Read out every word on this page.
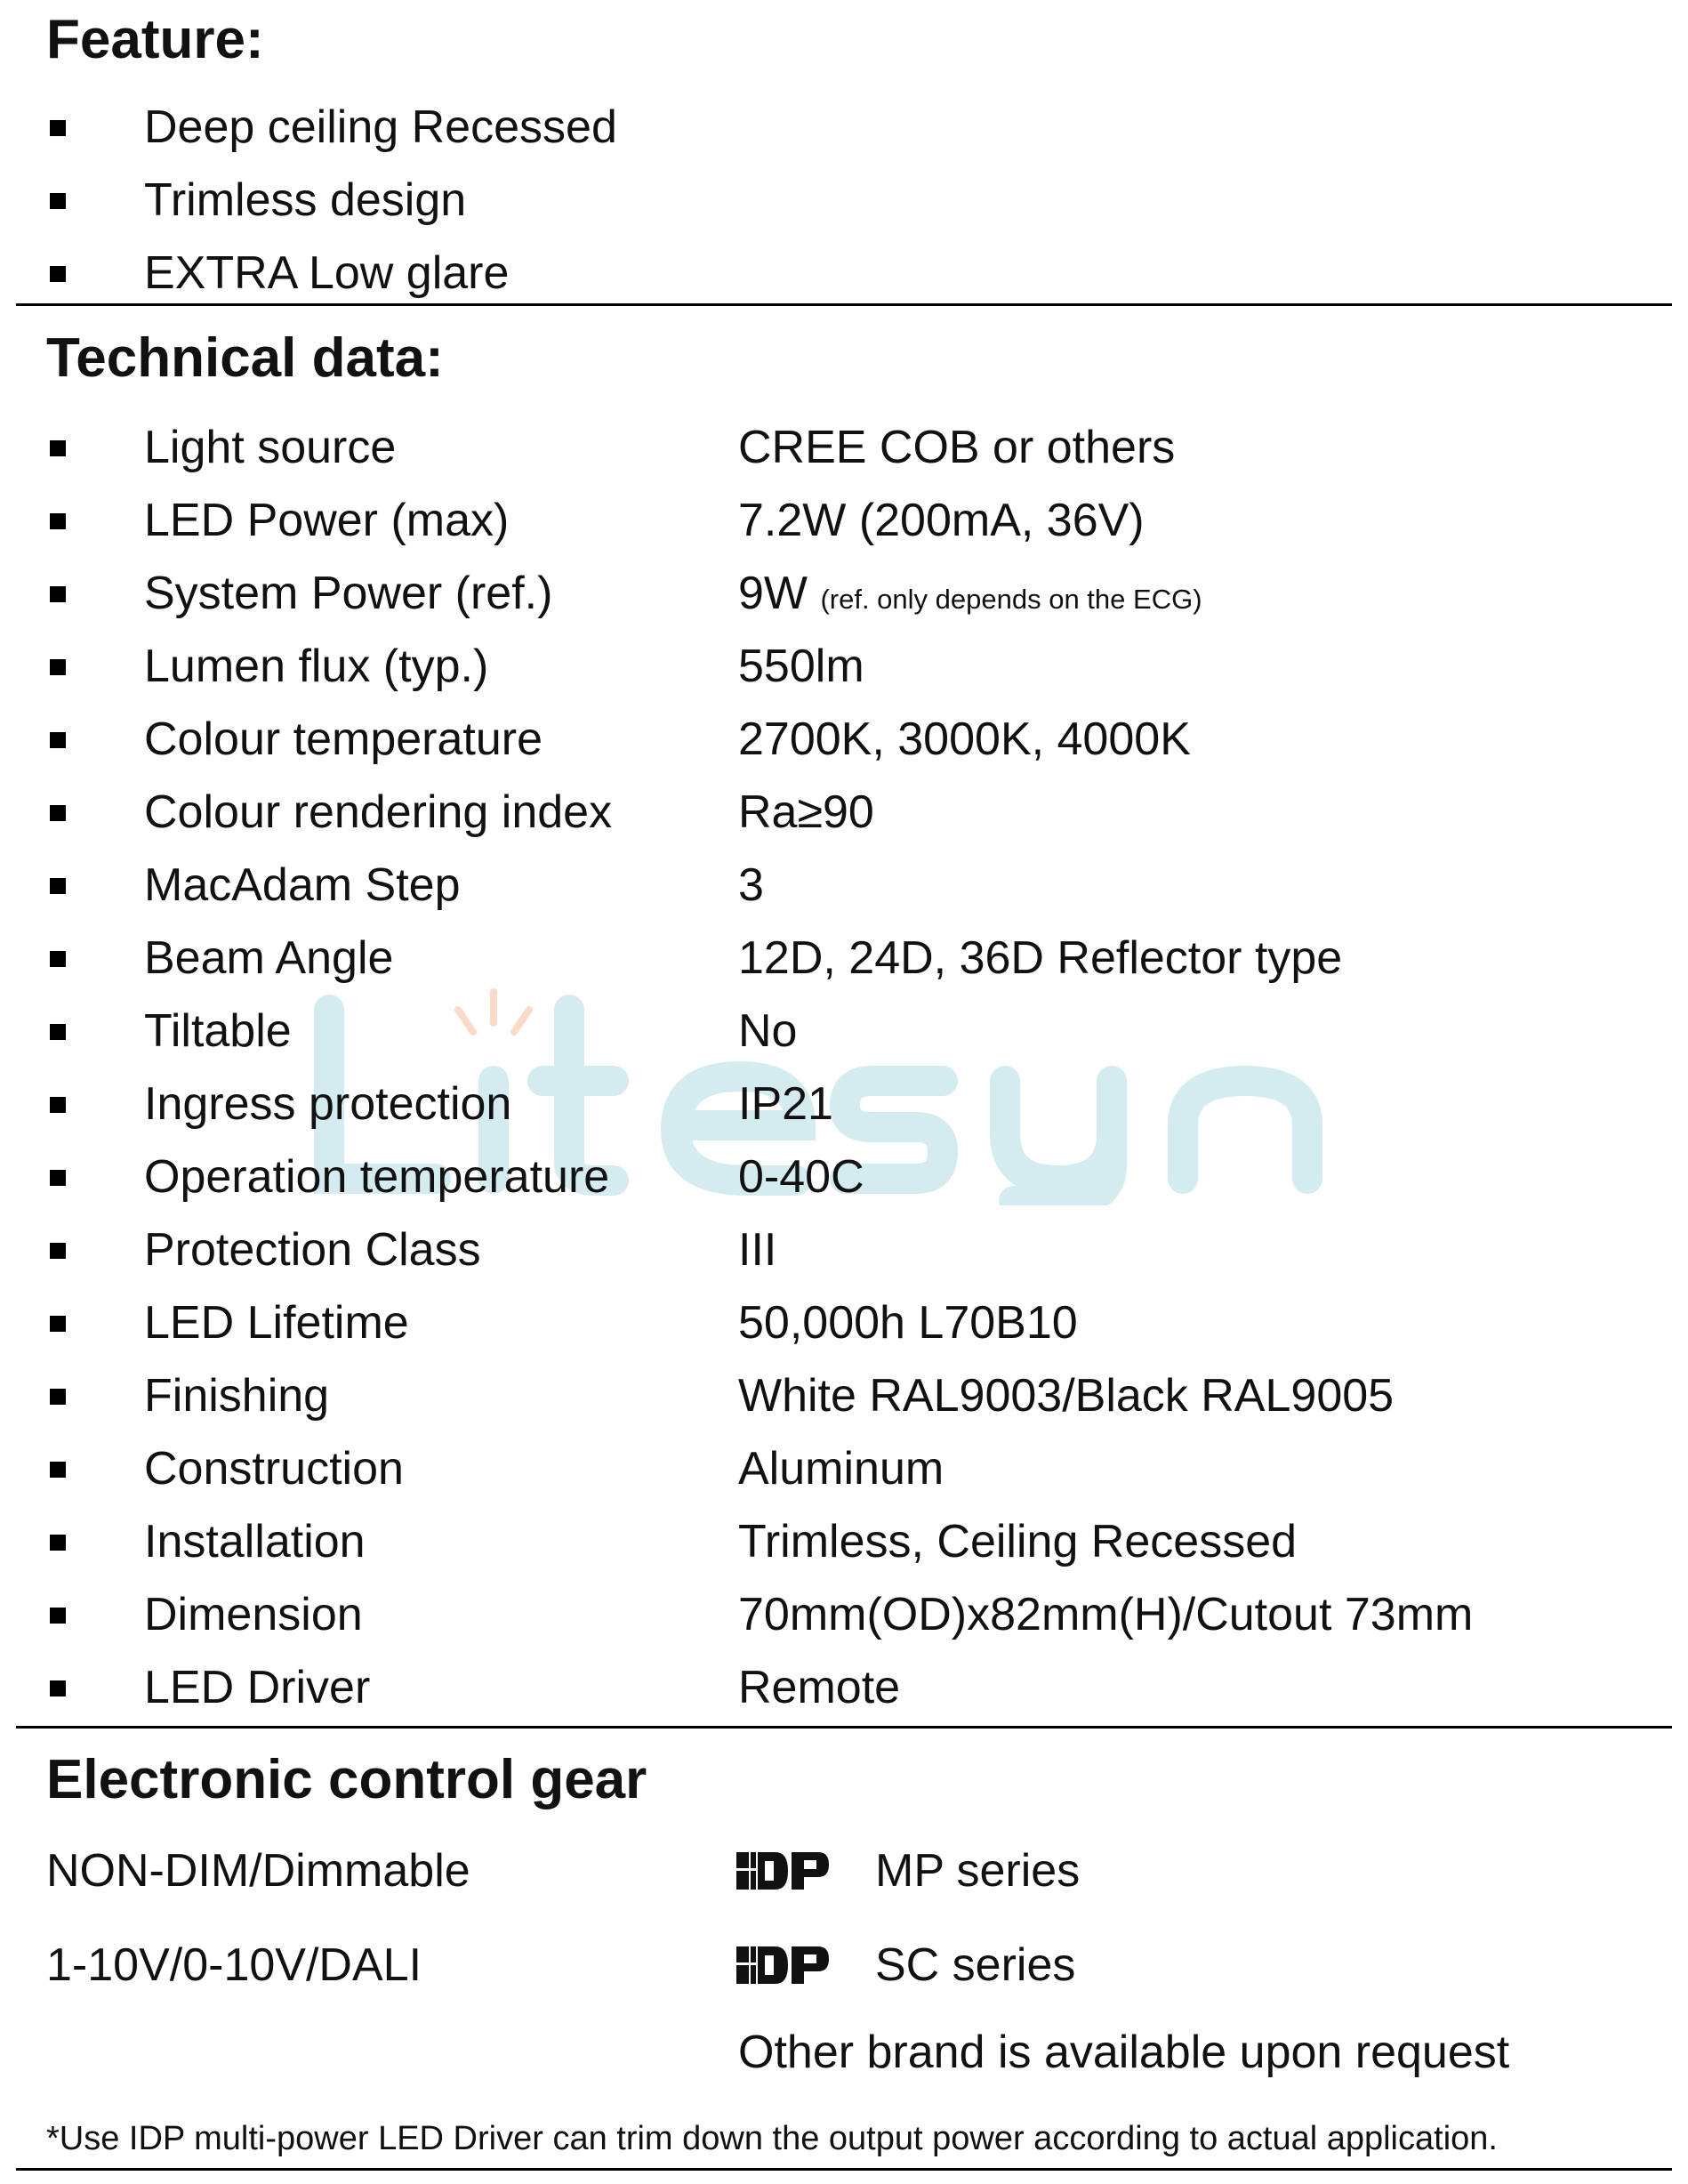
Feature:
Deep ceiling Recessed
Trimless design
EXTRA Low glare
Technical data:
Light source	CREE COB or others
LED Power (max)	7.2W (200mA, 36V)
System Power (ref.)	9W (ref. only depends on the ECG)
Lumen flux (typ.)	550lm
Colour temperature	2700K, 3000K, 4000K
Colour rendering index	Ra≥90
MacAdam Step	3
Beam Angle	12D, 24D, 36D Reflector type
Tiltable	No
Ingress protection	IP21
Operation temperature	0-40C
Protection Class	III
LED Lifetime	50,000h L70B10
Finishing	White RAL9003/Black RAL9005
Construction	Aluminum
Installation	Trimless, Ceiling Recessed
Dimension	70mm(OD)x82mm(H)/Cutout 73mm
LED Driver	Remote
Electronic control gear
NON-DIM/Dimmable	MP series
1-10V/0-10V/DALI	SC series
Other brand is available upon request
*Use IDP multi-power LED Driver can trim down the output power according to actual application.
